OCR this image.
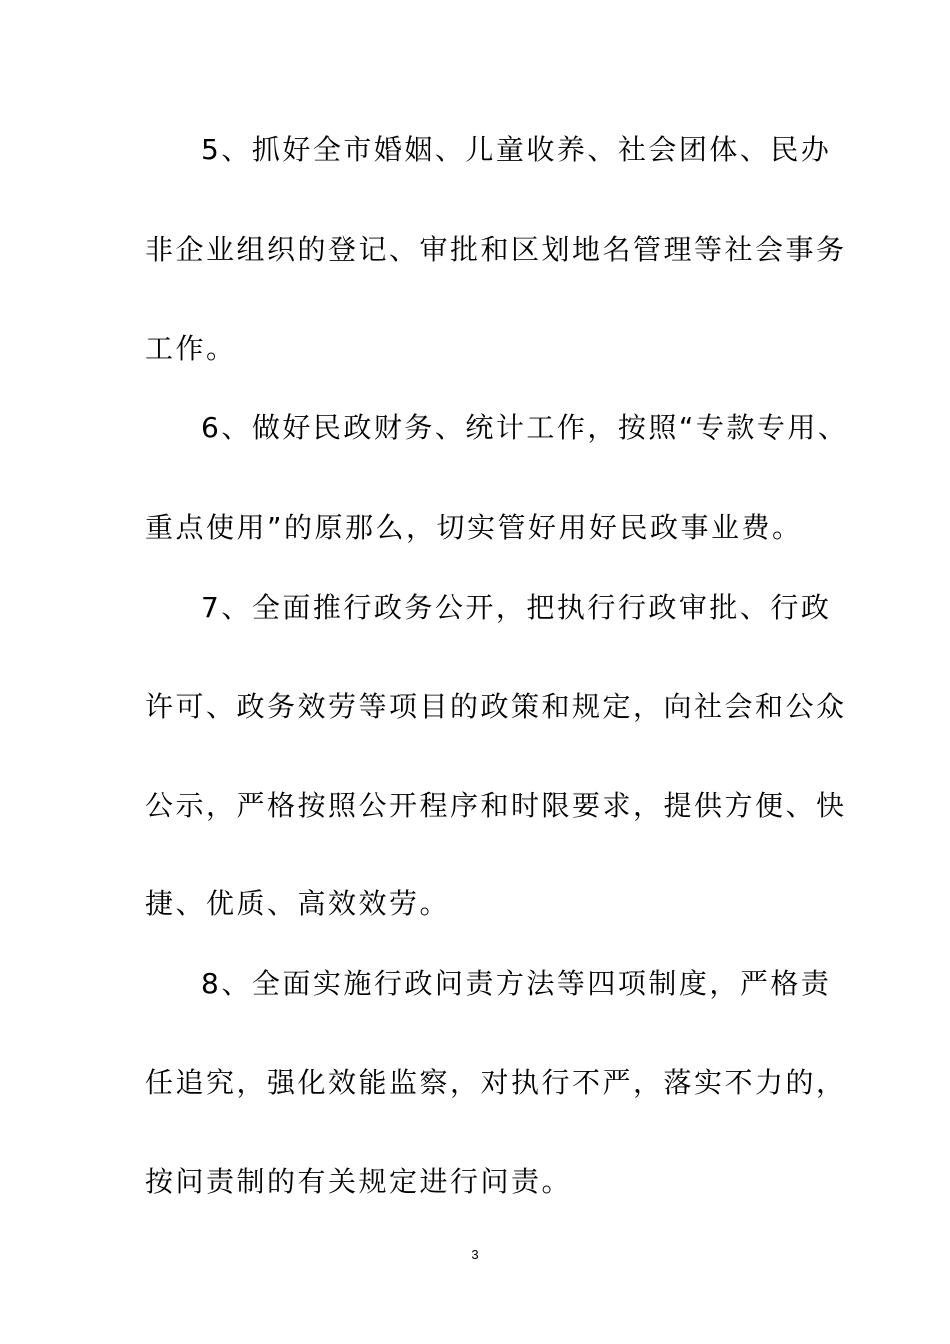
5、抓好全市婚姻、儿童收养、社会团体、民办
非企业组织的登记、审批和区划地名管理等社会事务
工作。
6、做好民政财务、统计工作，按照“专款专用、
重点使用”的原那么，切实管好用好民政事业费。
7、全面推行政务公开，把执行行政审批、行政
许可、政务效劳等项目的政策和规定，向社会和公众
公示，严格按照公开程序和时限要求，提供方便、快
捷、优质、高效效劳。
8、全面实施行政问责方法等四项制度，严格责
任追究，强化效能监察，对执行不严，落实不力的，
按问责制的有关规定进行问责。
3
